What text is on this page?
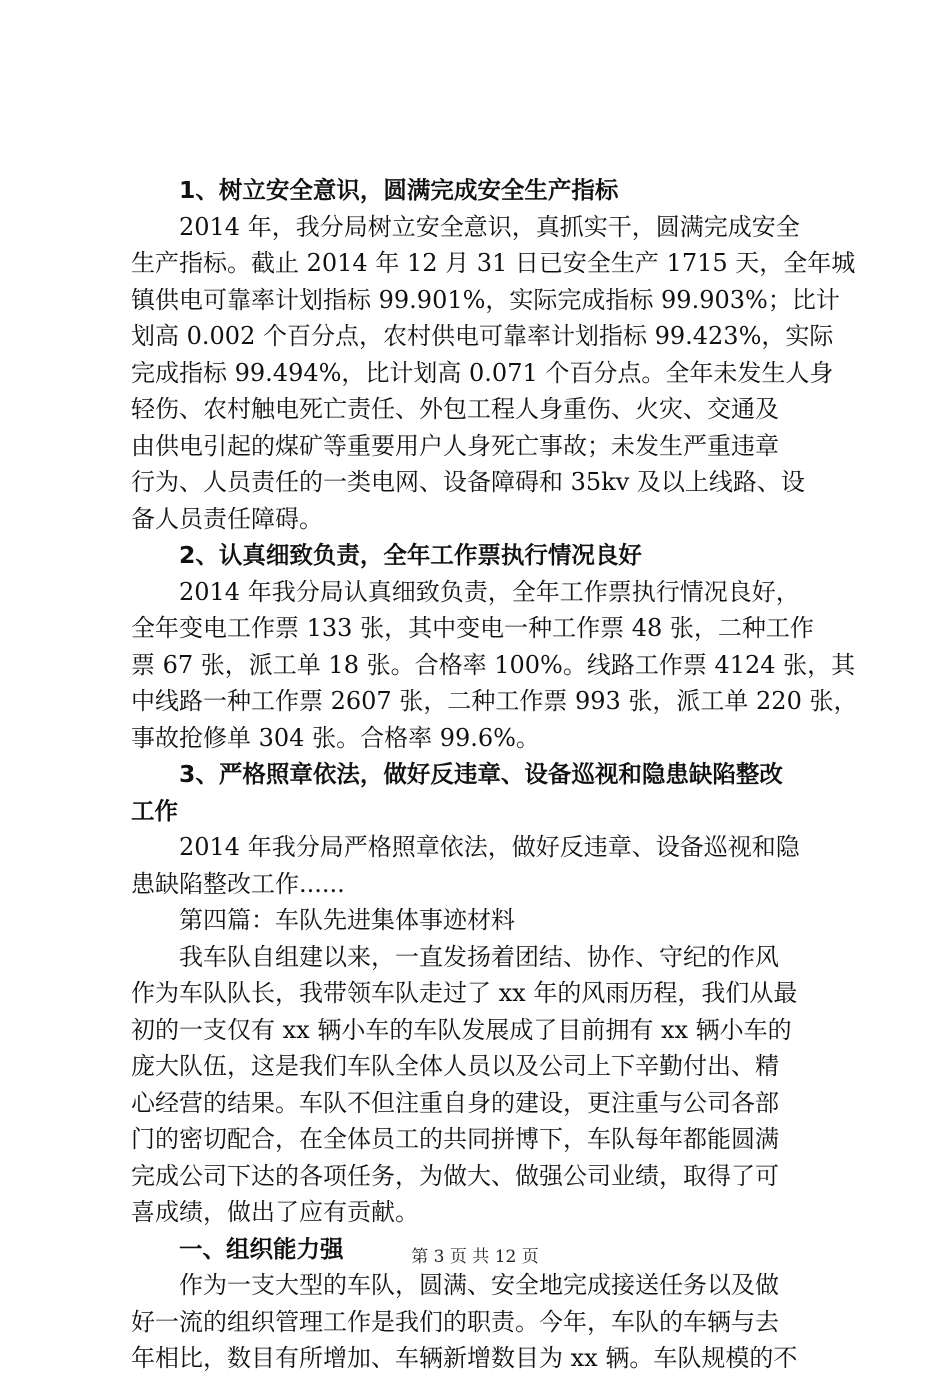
1、树立安全意识，圆满完成安全生产指标
2014 年，我分局树立安全意识，真抓实干，圆满完成安全
生产指标。截止 2014 年 12 月 31 日已安全生产 1715 天，全年城
镇供电可靠率计划指标 99.901%，实际完成指标 99.903%；比计
划高 0.002 个百分点，农村供电可靠率计划指标 99.423%，实际
完成指标 99.494%，比计划高 0.071 个百分点。全年未发生人身
轻伤、农村触电死亡责任、外包工程人身重伤、火灾、交通及
由供电引起的煤矿等重要用户人身死亡事故；未发生严重违章
行为、人员责任的一类电网、设备障碍和 35kv 及以上线路、设
备人员责任障碍。
2、认真细致负责，全年工作票执行情况良好
2014 年我分局认真细致负责，全年工作票执行情况良好，
全年变电工作票 133 张，其中变电一种工作票 48 张，二种工作
票 67 张，派工单 18 张。合格率 100%。线路工作票 4124 张，其
中线路一种工作票 2607 张，二种工作票 993 张，派工单 220 张，
事故抢修单 304 张。合格率 99.6%。
3、严格照章依法，做好反违章、设备巡视和隐患缺陷整改
工作
2014 年我分局严格照章依法，做好反违章、设备巡视和隐
患缺陷整改工作......
第四篇：车队先进集体事迹材料
我车队自组建以来，一直发扬着团结、协作、守纪的作风
作为车队队长，我带领车队走过了 xx 年的风雨历程，我们从最
初的一支仅有 xx 辆小车的车队发展成了目前拥有 xx 辆小车的
庞大队伍，这是我们车队全体人员以及公司上下辛勤付出、精
心经营的结果。车队不但注重自身的建设，更注重与公司各部
门的密切配合，在全体员工的共同拼博下，车队每年都能圆满
完成公司下达的各项任务，为做大、做强公司业绩，取得了可
喜成绩，做出了应有贡献。
一、组织能力强
作为一支大型的车队，圆满、安全地完成接送任务以及做
好一流的组织管理工作是我们的职责。今年，车队的车辆与去
年相比，数目有所增加、车辆新增数目为 xx 辆。车队规模的不
第 3 页 共 12 页
